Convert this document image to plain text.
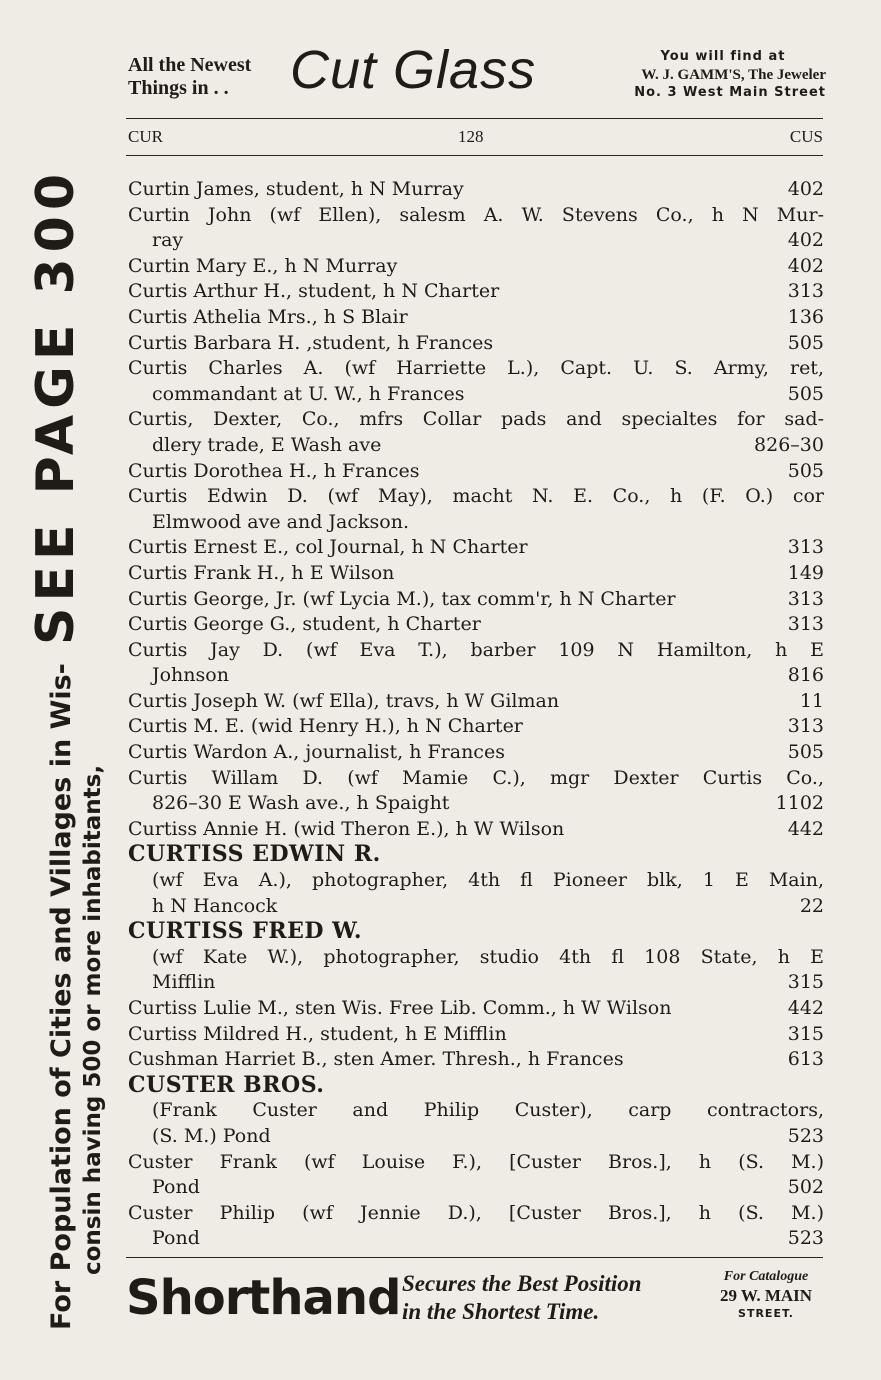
SEE PAGE 300
For Population of Cities and Villages in Wis- consin having 500 or more inhabitants,
All the Newest
Things in . .	Cut Glass	You will find at
W. J. GAMM'S, The Jeweler
No. 3 West Main Street
CUR	128	CUS
Curtin James, student, h N Murray	402
Curtin John (wf Ellen), salesm A. W. Stevens Co., h N Mur-
ray	402
Curtin Mary E., h N Murray	402
Curtis Arthur H., student, h N Charter	313
Curtis Athelia Mrs., h S Blair	136
Curtis Barbara H. ,student, h Frances	505
Curtis Charles A. (wf Harriette L.), Capt. U. S. Army, ret,
commandant at U. W., h Frances	505
Curtis, Dexter, Co., mfrs Collar pads and specialtes for sad-
dlery trade, E Wash ave	826–30
Curtis Dorothea H., h Frances	505
Curtis Edwin D. (wf May), macht N. E. Co., h (F. O.) cor
Elmwood ave and Jackson.
Curtis Ernest E., col Journal, h N Charter	313
Curtis Frank H., h E Wilson	149
Curtis George, Jr. (wf Lycia M.), tax comm'r, h N Charter	313
Curtis George G., student, h Charter	313
Curtis Jay D. (wf Eva T.), barber 109 N Hamilton, h E
Johnson	816
Curtis Joseph W. (wf Ella), travs, h W Gilman	11
Curtis M. E. (wid Henry H.), h N Charter	313
Curtis Wardon A., journalist, h Frances	505
Curtis Willam D. (wf Mamie C.), mgr Dexter Curtis Co.,
826–30 E Wash ave., h Spaight	1102
Curtiss Annie H. (wid Theron E.), h W Wilson	442
CURTISS EDWIN R.
(wf Eva A.), photographer, 4th fl Pioneer blk, 1 E Main,
h N Hancock	22
CURTISS FRED W.
(wf Kate W.), photographer, studio 4th fl 108 State, h E
Mifflin	315
Curtiss Lulie M., sten Wis. Free Lib. Comm., h W Wilson	442
Curtiss Mildred H., student, h E Mifflin	315
Cushman Harriet B., sten Amer. Thresh., h Frances	613
CUSTER BROS.
(Frank Custer and Philip Custer), carp contractors,
(S. M.) Pond	523
Custer Frank (wf Louise F.), [Custer Bros.], h (S. M.)
Pond	502
Custer Philip (wf Jennie D.), [Custer Bros.], h (S. M.)
Pond	523
Shorthand Secures the Best Position
in the Shortest Time.
For Catalogue
29 W. MAIN
STREET.
